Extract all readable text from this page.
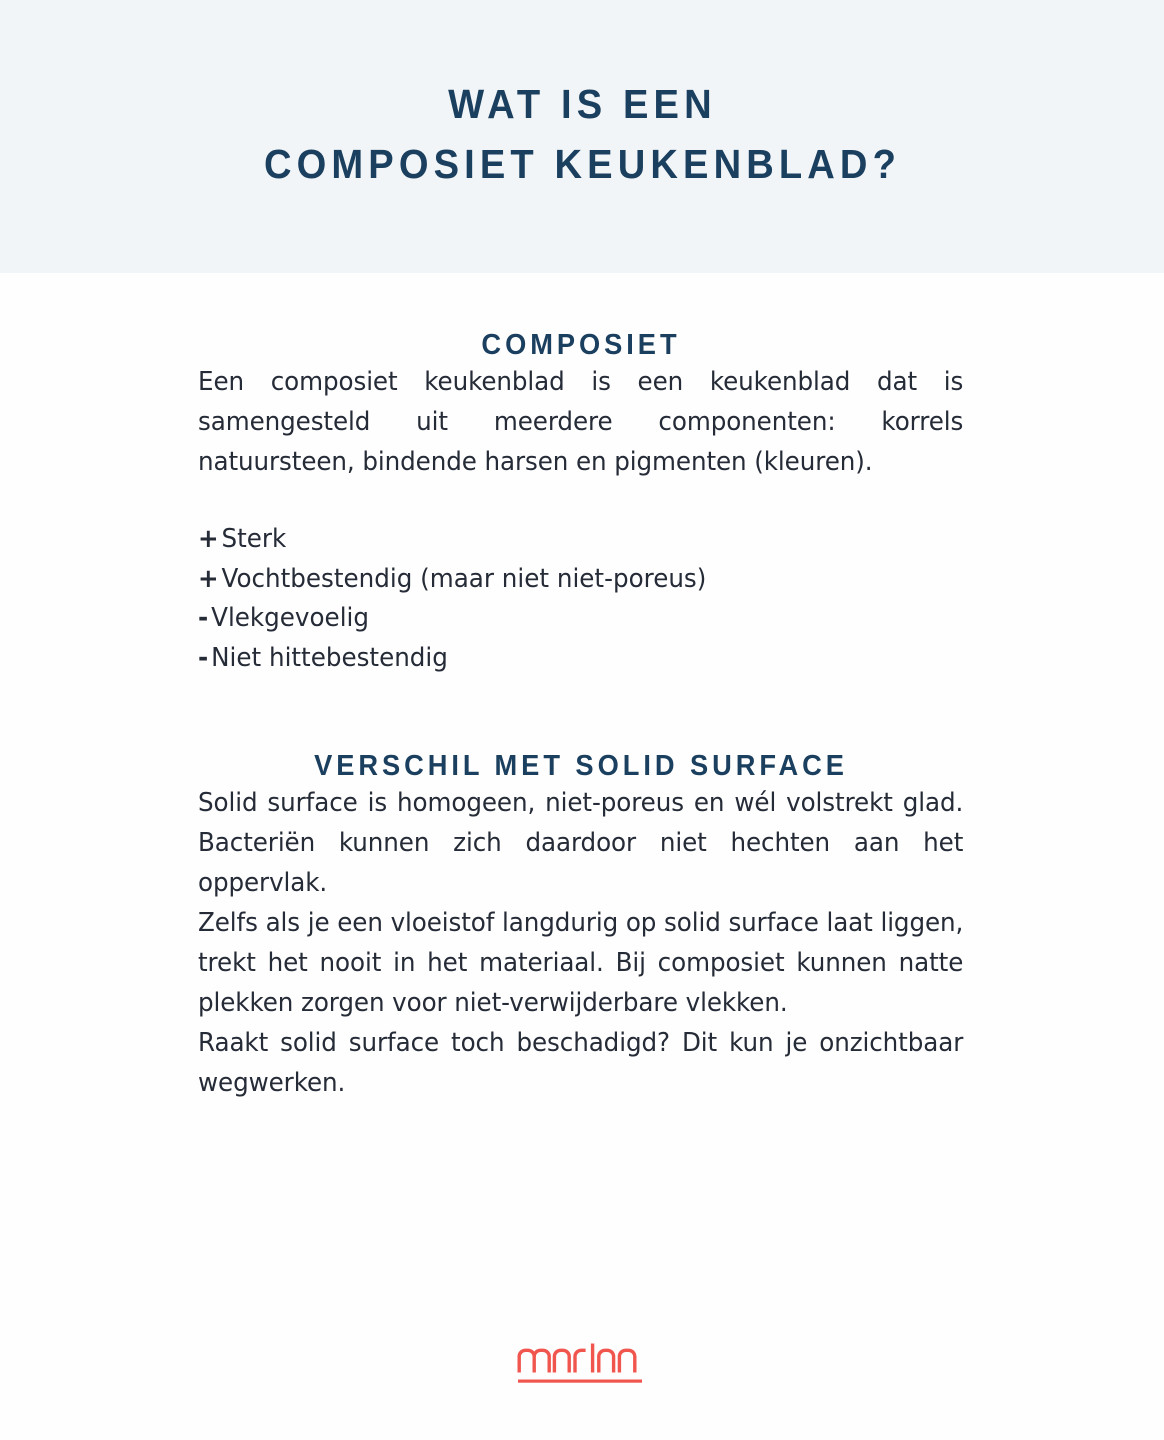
WAT IS EEN
COMPOSIET KEUKENBLAD?
COMPOSIET

Een composiet keukenblad is een keukenblad dat is samengesteld uit meerdere componenten: korrels natuursteen, bindende harsen en pigmenten (kleuren).

+ Sterk
+ Vochtbestendig (maar niet niet-poreus)
- Vlekgevoelig
- Niet hittebestendig
VERSCHIL MET SOLID SURFACE

Solid surface is homogeen, niet-poreus en wél volstrekt glad. Bacteriën kunnen zich daardoor niet hechten aan het oppervlak.

Zelfs als je een vloeistof langdurig op solid surface laat liggen, trekt het nooit in het materiaal. Bij composiet kunnen natte plekken zorgen voor niet-verwijderbare vlekken.

Raakt solid surface toch beschadigd? Dit kun je onzichtbaar wegwerken.
